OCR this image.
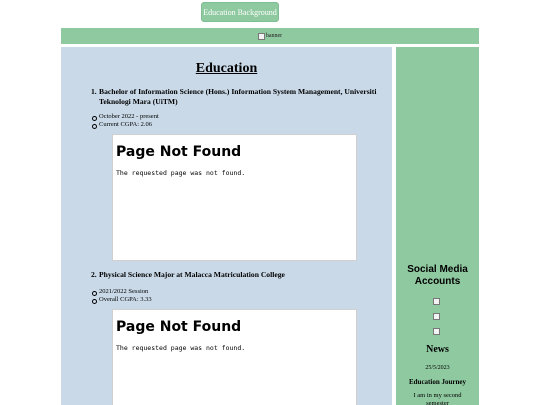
Education Background
banner
Education
1. Bachelor of Information Science (Hons.) Information System Management, Universiti Teknologi Mara (UiTM)
October 2022 - present
Current CGPA: 2.06
Page Not Found
The requested page was not found.
2. Physical Science Major at Malacca Matriculation College
2021/2022 Session
Overall CGPA: 3.33
Page Not Found
The requested page was not found.
Social Media Accounts
News
25/5/2023
Education Journey
I am in my second semester
